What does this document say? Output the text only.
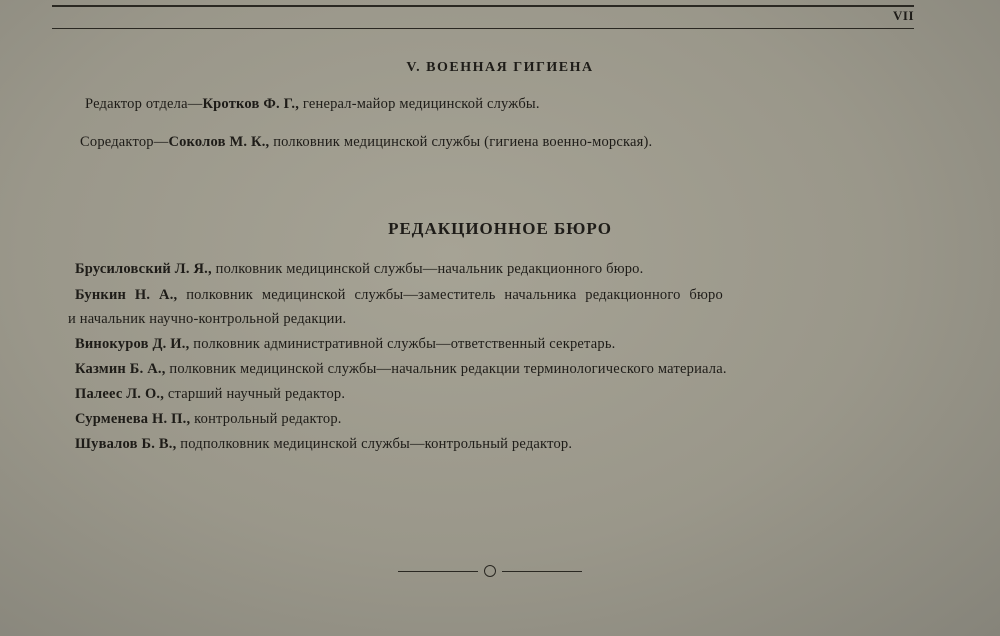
VII
V. ВОЕННАЯ ГИГИЕНА
Редактор отдела—Кротков Ф. Г., генерал-майор медицинской службы.
Соредактор—Соколов М. К., полковник медицинской службы (гигиена военно-морская).
РЕДАКЦИОННОЕ БЮРО
Брусиловский Л. Я., полковник медицинской службы—начальник редакционного бюро.
Бункин Н. А., полковник медицинской службы—заместитель начальника редакционного бюро
и начальник научно-контрольной редакции.
Винокуров Д. И., полковник административной службы—ответственный секретарь.
Казмин Б. А., полковник медицинской службы—начальник редакции терминологического материала.
Палеес Л. О., старший научный редактор.
Сурменева Н. П., контрольный редактор.
Шувалов Б. В., подполковник медицинской службы—контрольный редактор.
